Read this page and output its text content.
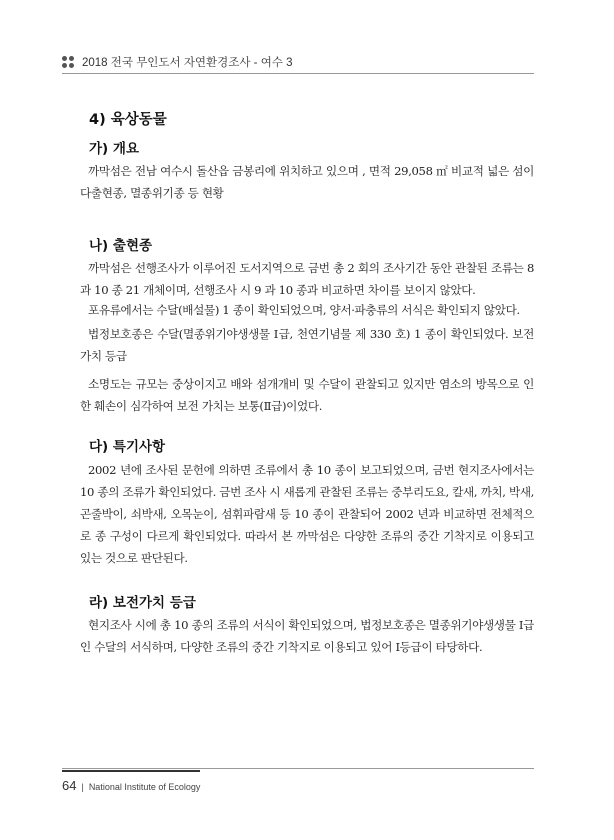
2018 전국 무인도서 자연환경조사 - 여수 3
4) 육상동물
가) 개요

까막섬은 전남 여수시 돌산읍 금봉리에 위치하고 있으며 , 면적 29,058 ㎡ 비교적 넓은 섬이다출현종, 멸종위기종 등 현황

나) 출현종

까막섬은 선행조사가 이루어진 도서지역으로 금번 총 2 회의 조사기간 동안 관찰된 조류는 8 과 10 종 21 개체이며, 선행조사 시 9 과 10 종과 비교하면 차이를 보이지 않았다.

포유류에서는 수달(배설물) 1 종이 확인되었으며, 양서·파충류의 서식은 확인되지 않았다.

법정보호종은 수달(멸종위기야생생물 Ⅰ급, 천연기념물 제 330 호) 1 종이 확인되었다. 보전가치 등급

소명도는 규모는 중상이지고 배와 섬개개비 및 수달이 관찰되고 있지만 염소의 방목으로 인한 훼손이 심각하여 보전 가치는 보통(Ⅱ급)이었다.

다) 특기사항

2002 년에 조사된 문헌에 의하면 조류에서 총 10 종이 보고되었으며, 금번 현지조사에서는 10 종의 조류가 확인되었다. 금번 조사 시 새롭게 관찰된 조류는 중부리도요, 칼새, 까치, 박새, 곤줄박이, 쇠박새, 오목눈이, 섬휘파람새 등 10 종이 관찰되어 2002 년과 비교하면 전체적으로 종 구성이 다르게 확인되었다. 따라서 본 까막섬은 다양한 조류의 중간 기착지로 이용되고 있는 것으로 판단된다.

라) 보전가치 등급

현지조사 시에 총 10 종의 조류의 서식이 확인되었으며, 법정보호종은 멸종위기야생생물 Ⅰ급인 수달의 서식하며, 다양한 조류의 중간 기착지로 이용되고 있어 Ⅰ등급이 타당하다.

64 | National Institute of Ecology
